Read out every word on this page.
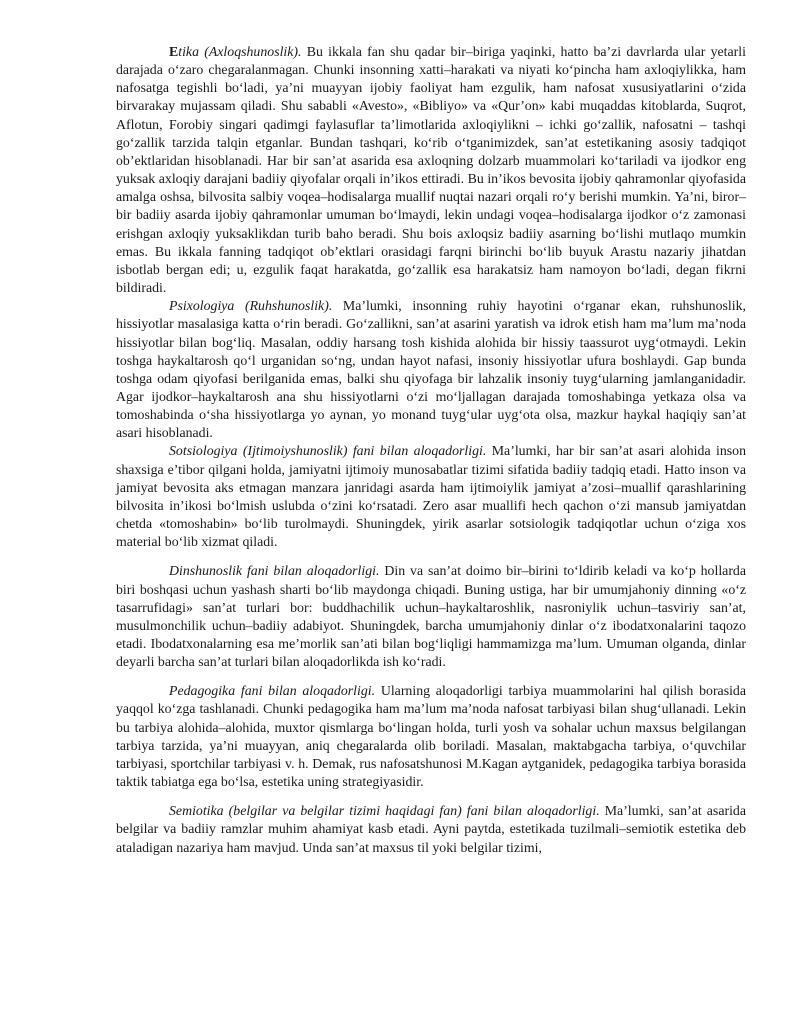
Etika (Axloqshunoslik). Bu ikkala fan shu qadar bir–biriga yaqinki, hatto ba’zi davrlarda ular yetarli darajada o‘zaro chegaralanmagan. Chunki insonning xatti–harakati va niyati ko‘pincha ham axloqiylikka, ham nafosatga tegishli bo‘ladi, ya’ni muayyan ijobiy faoliyat ham ezgulik, ham nafosat xususiyatlarini o‘zida birvarakay mujassam qiladi. Shu sababli «Avesto», «Bibliyo» va «Qur’on» kabi muqaddas kitoblarda, Suqrot, Aflotun, Forobiy singari qadimgi faylasuflar ta’limotlarida axloqiylikni – ichki go‘zallik, nafosatni – tashqi go‘zallik tarzida talqin etganlar. Bundan tashqari, ko‘rib o‘tganimizdek, san’at estetikaning asosiy tadqiqot ob’ektlaridan hisoblanadi. Har bir san’at asarida esa axloqning dolzarb muammolari ko‘tariladi va ijodkor eng yuksak axloqiy darajani badiiy qiyofalar orqali in’ikos ettiradi. Bu in’ikos bevosita ijobiy qahramonlar qiyofasida amalga oshsa, bilvosita salbiy voqea–hodisalarga muallif nuqtai nazari orqali ro‘y berishi mumkin. Ya’ni, biror–bir badiiy asarda ijobiy qahramonlar umuman bo‘lmaydi, lekin undagi voqea–hodisalarga ijodkor o‘z zamonasi erishgan axloqiy yuksaklikdan turib baho beradi. Shu bois axloqsiz badiiy asarning bo‘lishi mutlaqo mumkin emas. Bu ikkala fanning tadqiqot ob’ektlari orasidagi farqni birinchi bo‘lib buyuk Arastu nazariy jihatdan isbotlab bergan edi; u, ezgulik faqat harakatda, go‘zallik esa harakatsiz ham namoyon bo‘ladi, degan fikrni bildiradi.

Psixologiya (Ruhshunoslik). Ma’lumki, insonning ruhiy hayotini o‘rganar ekan, ruhshunoslik, hissiyotlar masalasiga katta o‘rin beradi. Go‘zallikni, san’at asarini yaratish va idrok etish ham ma’lum ma’noda hissiyotlar bilan bog‘liq. Masalan, oddiy harsang tosh kishida alohida bir hissiy taassurot uyg‘otmaydi. Lekin toshga haykaltarosh qo‘l urganidan so‘ng, undan hayot nafasi, insoniy hissiyotlar ufura boshlaydi. Gap bunda toshga odam qiyofasi berilganida emas, balki shu qiyofaga bir lahzalik insoniy tuyg‘ularning jamlanganidadir. Agar ijodkor–haykaltarosh ana shu hissiyotlarni o‘zi mo‘ljallagan darajada tomoshabinga yetkaza olsa va tomoshabinda o‘sha hissiyotlarga yo aynan, yo monand tuyg‘ular uyg‘ota olsa, mazkur haykal haqiqiy san’at asari hisoblanadi.

Sotsiologiya (Ijtimoiyshunoslik) fani bilan aloqadorligi. Ma’lumki, har bir san’at asari alohida inson shaxsiga e’tibor qilgani holda, jamiyatni ijtimoiy munosabatlar tizimi sifatida badiiy tadqiq etadi. Hatto inson va jamiyat bevosita aks etmagan manzara janridagi asarda ham ijtimoiylik jamiyat a’zosi–muallif qarashlarining bilvosita in’ikosi bo‘lmish uslubda o‘zini ko‘rsatadi. Zero asar muallifi hech qachon o‘zi mansub jamiyatdan chetda «tomoshabin» bo‘lib turolmaydi. Shuningdek, yirik asarlar sotsiologik tadqiqotlar uchun o‘ziga xos material bo‘lib xizmat qiladi.

Dinshunoslik fani bilan aloqadorligi. Din va san’at doimo bir–birini to‘ldirib keladi va ko‘p hollarda biri boshqasi uchun yashash sharti bo‘lib maydonga chiqadi. Buning ustiga, har bir umumjahoniy dinning «o‘z tasarrufidagi» san’at turlari bor: buddhachilik uchun–haykaltaroshlik, nasroniylik uchun–tasviriy san’at, musulmonchilik uchun–badiiy adabiyot. Shuningdek, barcha umumjahoniy dinlar o‘z ibodatxonalarini taqozo etadi. Ibodatxonalarning esa me’morlik san’ati bilan bog‘liqligi hammamizga ma’lum. Umuman olganda, dinlar deyarli barcha san’at turlari bilan aloqadorlikda ish ko‘radi.

Pedagogika fani bilan aloqadorligi. Ularning aloqadorligi tarbiya muammolarini hal qilish borasida yaqqol ko‘zga tashlanadi. Chunki pedagogika ham ma’lum ma’noda nafosat tarbiyasi bilan shug‘ullanadi. Lekin bu tarbiya alohida–alohida, muxtor qismlarga bo‘lingan holda, turli yosh va sohalar uchun maxsus belgilangan tarbiya tarzida, ya’ni muayyan, aniq chegaralarda olib boriladi. Masalan, maktabgacha tarbiya, o‘quvchilar tarbiyasi, sportchilar tarbiyasi v. h. Demak, rus nafosatshunosi M.Kagan aytganidek, pedagogika tarbiya borasida taktik tabiatga ega bo‘lsa, estetika uning strategiyasidir.

Semiotika (belgilar va belgilar tizimi haqidagi fan) fani bilan aloqadorligi. Ma’lumki, san’at asarida belgilar va badiiy ramzlar muhim ahamiyat kasb etadi. Ayni paytda, estetikada tuzilmali–semiotik estetika deb ataladigan nazariya ham mavjud. Unda san’at maxsus til yoki belgilar tizimi,
